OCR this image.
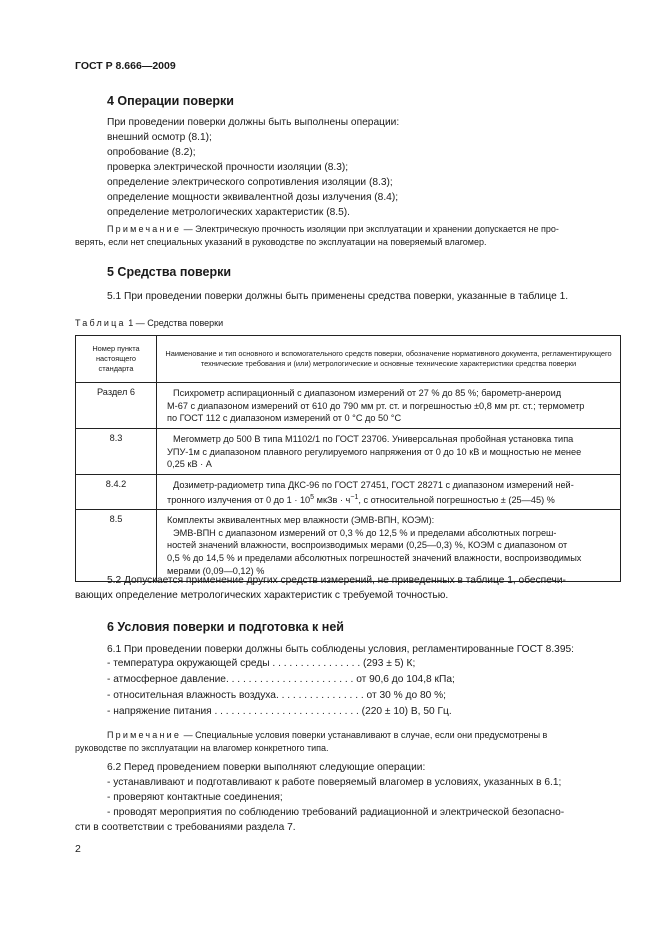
ГОСТ Р 8.666—2009
4 Операции поверки
При проведении поверки должны быть выполнены операции:
внешний осмотр (8.1);
опробование (8.2);
проверка электрической прочности изоляции (8.3);
определение электрического сопротивления изоляции (8.3);
определение мощности эквивалентной дозы излучения (8.4);
определение метрологических характеристик (8.5).
Примечание — Электрическую прочность изоляции при эксплуатации и хранении допускается не про-
верять, если нет специальных указаний в руководстве по эксплуатации на поверяемый влагомер.
5 Средства поверки
5.1 При проведении поверки должны быть применены средства поверки, указанные в таблице 1.
Таблица 1 — Средства поверки
Номер пункта настоящего стандарта	Наименование и тип основного и вспомогательного средств поверки, обозначение нормативного документа, регламентирующего технические требования и (или) метрологические и основные технические характеристики средства поверки
Раздел 6	Психрометр аспирационный с диапазоном измерений от 27 % до 85 %; барометр-анероид
М-67 с диапазоном измерений от 610 до 790 мм рт. ст. и погрешностью ±0,8 мм рт. ст.; термометр
по ГОСТ 112 с диапазоном измерений от 0 °С до 50 °С

8.3	Мегомметр до 500 В типа М1102/1 по ГОСТ 23706. Универсальная пробойная установка типа
УПУ-1м с диапазоном плавного регулируемого напряжения от 0 до 10 кВ и мощностью не менее
0,25 кВ · А

8.4.2	Дозиметр-радиометр типа ДКС-96 по ГОСТ 27451, ГОСТ 28271 с диапазоном измерений ней-
тронного излучения от 0 до $1 \cdot 10^5$ мкЗв · $ч^{-1}$, с относительной погрешностью ± (25—45) %

8.5	Комплекты эквивалентных мер влажности (ЭМВ-ВПН, КОЭМ):
ЭМВ-ВПН с диапазоном измерений от 0,3 % до 12,5 % и пределами абсолютных погреш-
ностей значений влажности, воспроизводимых мерами (0,25—0,3) %, КОЭМ с диапазоном от
0,5 % до 14,5 % и пределами абсолютных погрешностей значений влажности, воспроизводимых
мерами (0,09—0,12) %
5.2 Допускается применение других средств измерений, не приведенных в таблице 1, обеспечи-
вающих определение метрологических характеристик с требуемой точностью.
6 Условия поверки и подготовка к ней
6.1 При проведении поверки должны быть соблюдены условия, регламентированные ГОСТ 8.395:
- температура окружающей среды . . . . . . . . . . . . . . . . (293 ± 5) К;
- атмосферное давление. . . . . . . . . . . . . . . . . . . . . . . от 90,6 до 104,8 кПа;
- относительная влажность воздуха. . . . . . . . . . . . . . . . от 30 % до 80 %;
- напряжение питания . . . . . . . . . . . . . . . . . . . . . . . . . . (220 ± 10) В, 50 Гц.
Примечание — Специальные условия поверки устанавливают в случае, если они предусмотрены в
руководстве по эксплуатации на влагомер конкретного типа.
6.2 Перед проведением поверки выполняют следующие операции:
- устанавливают и подготавливают к работе поверяемый влагомер в условиях, указанных в 6.1;
- проверяют контактные соединения;
- проводят мероприятия по соблюдению требований радиационной и электрической безопасно-
сти в соответствии с требованиями раздела 7.
2
